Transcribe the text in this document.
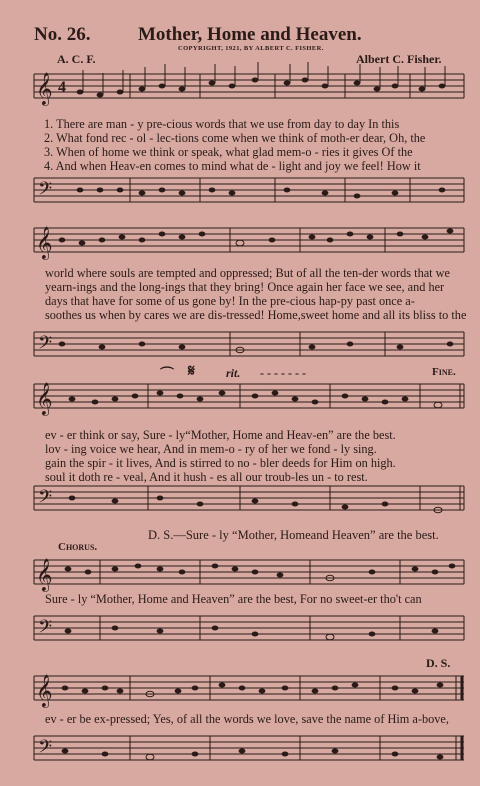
No. 26.	Mother, Home and Heaven.
COPYRIGHT, 1921, BY ALBERT C. FISHER.
A. C. F.	Albert C. Fisher.
𝄞 4
1. There are man - y pre-cious words that we use from day to day In this
2. What fond rec - ol - lec-tions come when we think of moth-er dear, Oh, the
3. When of home we think or speak, what glad mem-o - ries it gives Of the
4. And when Heav-en comes to mind what de - light and joy we feel! How it
𝄢
𝄞
world where souls are tempted and oppressed; But of all the ten-der words that we
yearn-ings and the long-ings that they bring! Once again her face we see, and her
days that have for some of us gone by! In the pre-cious hap-py past once a-
soothes us when by cares we are dis-tressed! Home,sweet home and all its bliss to the
𝄢
⌒ 𝄋	rit. - - - - - - -	Fine.
𝄞
ev - er think or say, Sure - ly“Mother, Home and Heav-en” are the best.
lov - ing voice we hear, And in mem-o - ry of her we fond - ly sing.
gain the spir - it lives, And is stirred to no - bler deeds for Him on high.
soul it doth re - veal, And it hush - es all our troub-les un - to rest.
𝄢
D. S.—Sure - ly “Mother, Homeand Heaven” are the best.
Chorus.
𝄞
Sure - ly “Mother, Home and Heaven” are the best, For no sweet-er tho't can
𝄢
D. S.
𝄞
ev - er be ex-pressed; Yes, of all the words we love, save the name of Him a-bove,
𝄢
